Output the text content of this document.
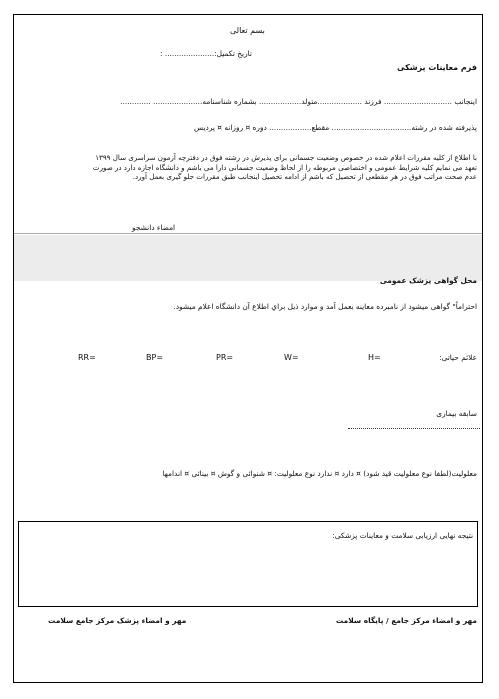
بسم تعالی
تاریخ تکمیل:..................... :
فرم معاینات پزشکی
اینجانب ............................. فرزند ...................متولد.................. بشماره شناسنامه..................... .............
پذیرفته شده در رشته.................................. مقطع.................. دوره ¤ روزانه ¤ پردیس
با اطلاع از کلیه مقررات اعلام شده در خصوص وضعیت جسمانی برای پذیرش در رشته فوق در دفترچه آزمون سراسری سال ۱۳۹۹
تعهد می نمایم کلیه شرایط عمومی و اختصاصی مربوطه را از لحاظ وضعیت جسمانی دارا می باشم و دانشگاه اجازه دارد در صورت
عدم صحت مراتب فوق در هر مقطعی از تحصیل که باشم از ادامه تحصیل اینجانب طبق مقررات جلو گیری بعمل آورد.
امضاء دانشجو
محل گواهی پزشک عمومی
احتراماً" گواهی میشود از نامبرده معاینه بعمل آمد و موارد ذیل براي اطلاع آن دانشگاه اعلام میشود.
علائم حیاتی:
H=
W=
PR=
BP=
RR=
سابقه بیماری
معلولیت(لطفا نوع معلولیت قید شود) ¤ دارد ¤ ندارد نوع معلولیت: ¤ شنوائی و گوش ¤ بینائی ¤ اندامها
نتیجه نهایی ارزیابی سلامت و معاینات پزشکی:
مهر و امضاء مرکز جامع / پایگاه سلامت
مهر و امضاء پزشک مرکز جامع سلامت
